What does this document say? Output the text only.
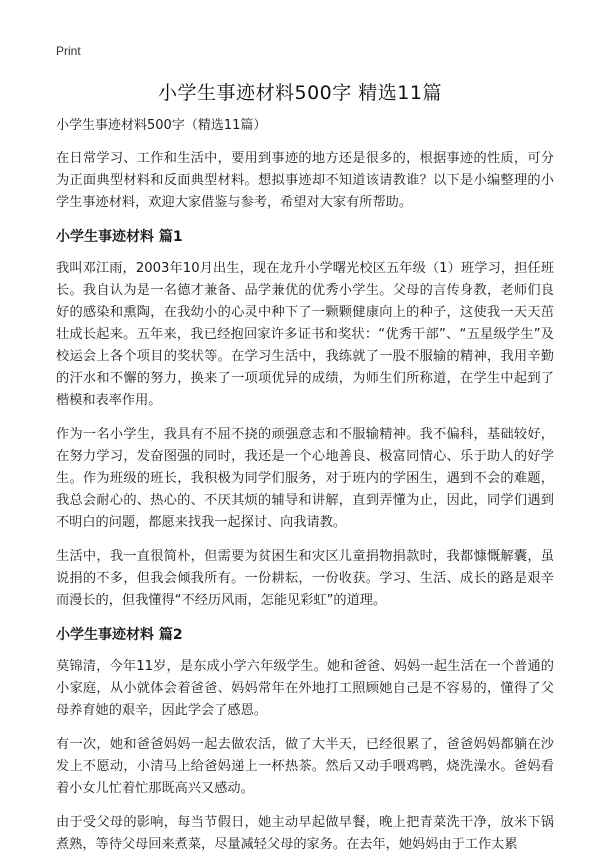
Print
小学生事迹材料500字 精选11篇

小学生事迹材料500字（精选11篇）

在日常学习、工作和生活中，要用到事迹的地方还是很多的，根据事迹的性质，可分为正面典型材料和反面典型材料。想拟事迹却不知道该请教谁？以下是小编整理的小学生事迹材料，欢迎大家借鉴与参考，希望对大家有所帮助。

小学生事迹材料 篇1

我叫邓江雨，2003年10月出生，现在龙升小学曙光校区五年级（1）班学习，担任班长。我自认为是一名德才兼备、品学兼优的优秀小学生。父母的言传身教，老师们良好的感染和熏陶，在我幼小的心灵中种下了一颗颗健康向上的种子，这使我一天天茁壮成长起来。五年来，我已经抱回家许多证书和奖状：“优秀干部”、“五星级学生”及校运会上各个项目的奖状等。在学习生活中，我练就了一股不服输的精神，我用辛勤的汗水和不懈的努力，换来了一项项优异的成绩，为师生们所称道，在学生中起到了楷模和表率作用。

作为一名小学生，我具有不屈不挠的顽强意志和不服输精神。我不偏科，基础较好，在努力学习，发奋图强的同时，我还是一个心地善良、极富同情心、乐于助人的好学生。作为班级的班长，我积极为同学们服务，对于班内的学困生，遇到不会的难题，我总会耐心的、热心的、不厌其烦的辅导和讲解，直到弄懂为止，因此，同学们遇到不明白的问题，都愿来找我一起探讨、向我请教。

生活中，我一直很简朴，但需要为贫困生和灾区儿童捐物捐款时，我都慷慨解囊，虽说捐的不多，但我会倾我所有。一份耕耘，一份收获。学习、生活、成长的路是艰辛而漫长的，但我懂得“不经历风雨，怎能见彩虹”的道理。

小学生事迹材料 篇2

莫锦清，今年11岁，是东成小学六年级学生。她和爸爸、妈妈一起生活在一个普通的小家庭，从小就体会着爸爸、妈妈常年在外地打工照顾她自己是不容易的，懂得了父母养育她的艰辛，因此学会了感恩。

有一次，她和爸爸妈妈一起去做农活，做了大半天，已经很累了，爸爸妈妈都躺在沙发上不愿动，小清马上给爸妈递上一杯热茶。然后又动手喂鸡鸭，烧洗澡水。爸妈看着小女儿忙着忙那既高兴又感动。

由于受父母的影响，每当节假日，她主动早起做早餐，晚上把青菜洗干净，放米下锅煮熟，等待父母回来煮菜，尽量减轻父母的家务。在去年，她妈妈由于工作太累
